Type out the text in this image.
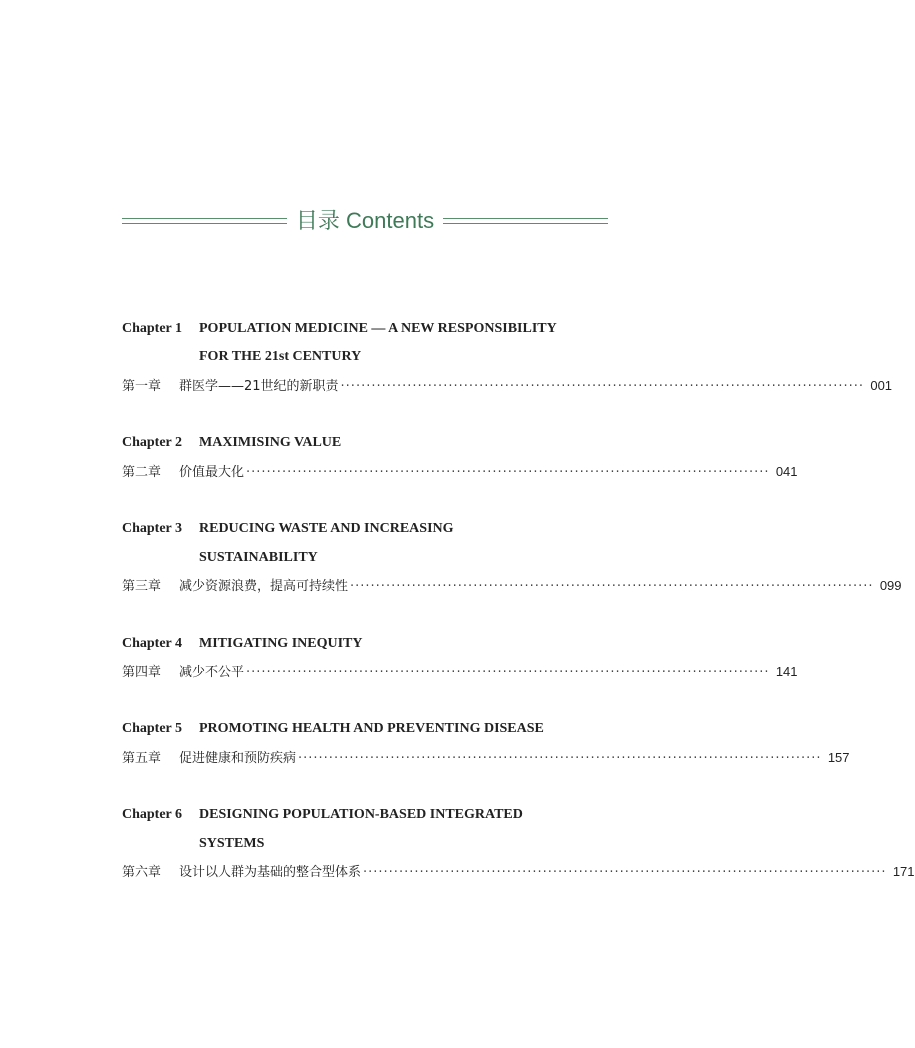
目录 Contents
Chapter 1 POPULATION MEDICINE — A NEW RESPONSIBILITY
FOR THE 21st CENTURY
第一章	群医学——21世纪的新职责 ······································································································ 001
Chapter 2 MAXIMISING VALUE
第二章	价值最大化 ······································································································ 041
Chapter 3 REDUCING WASTE AND INCREASING
SUSTAINABILITY
第三章	减少资源浪费，提高可持续性 ······································································································ 099
Chapter 4 MITIGATING INEQUITY
第四章	减少不公平 ······································································································ 141
Chapter 5 PROMOTING HEALTH AND PREVENTING DISEASE
第五章	促进健康和预防疾病 ······································································································ 157
Chapter 6 DESIGNING POPULATION-BASED INTEGRATED
SYSTEMS
第六章	设计以人群为基础的整合型体系 ······································································································ 171
